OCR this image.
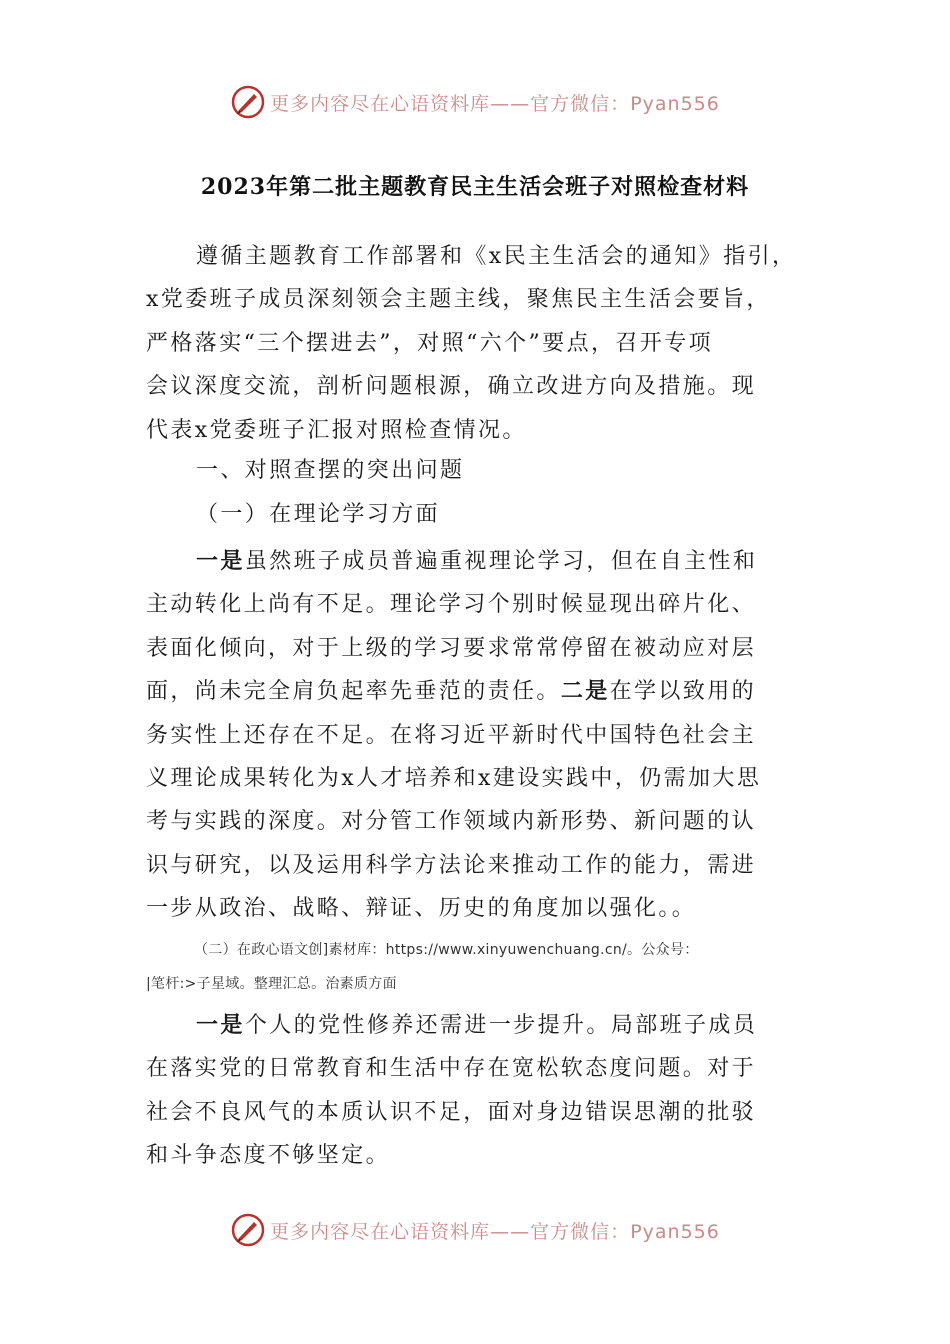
更多内容尽在心语资料库——官方微信：Pyan556
2023年第二批主题教育民主生活会班子对照检查材料
遵循主题教育工作部署和《x民主生活会的通知》指引，
x党委班子成员深刻领会主题主线，聚焦民主生活会要旨，
严格落实“三个摆进去”，对照“六个”要点，召开专项
会议深度交流，剖析问题根源，确立改进方向及措施。现
代表x党委班子汇报对照检查情况。
一、对照查摆的突出问题
（一）在理论学习方面
一是虽然班子成员普遍重视理论学习，但在自主性和
主动转化上尚有不足。理论学习个别时候显现出碎片化、
表面化倾向，对于上级的学习要求常常停留在被动应对层
面，尚未完全肩负起率先垂范的责任。二是在学以致用的
务实性上还存在不足。在将习近平新时代中国特色社会主
义理论成果转化为x人才培养和x建设实践中，仍需加大思
考与实践的深度。对分管工作领域内新形势、新问题的认
识与研究，以及运用科学方法论来推动工作的能力，需进
一步从政治、战略、辩证、历史的角度加以强化。。
（二）在政心语文创]素材库：https://www.xinyuwenchuang.cn/。公众号：
|笔杆:>子星域。整理汇总。治素质方面
一是个人的党性修养还需进一步提升。局部班子成员
在落实党的日常教育和生活中存在宽松软态度问题。对于
社会不良风气的本质认识不足，面对身边错误思潮的批驳
和斗争态度不够坚定。
更多内容尽在心语资料库——官方微信：Pyan556
